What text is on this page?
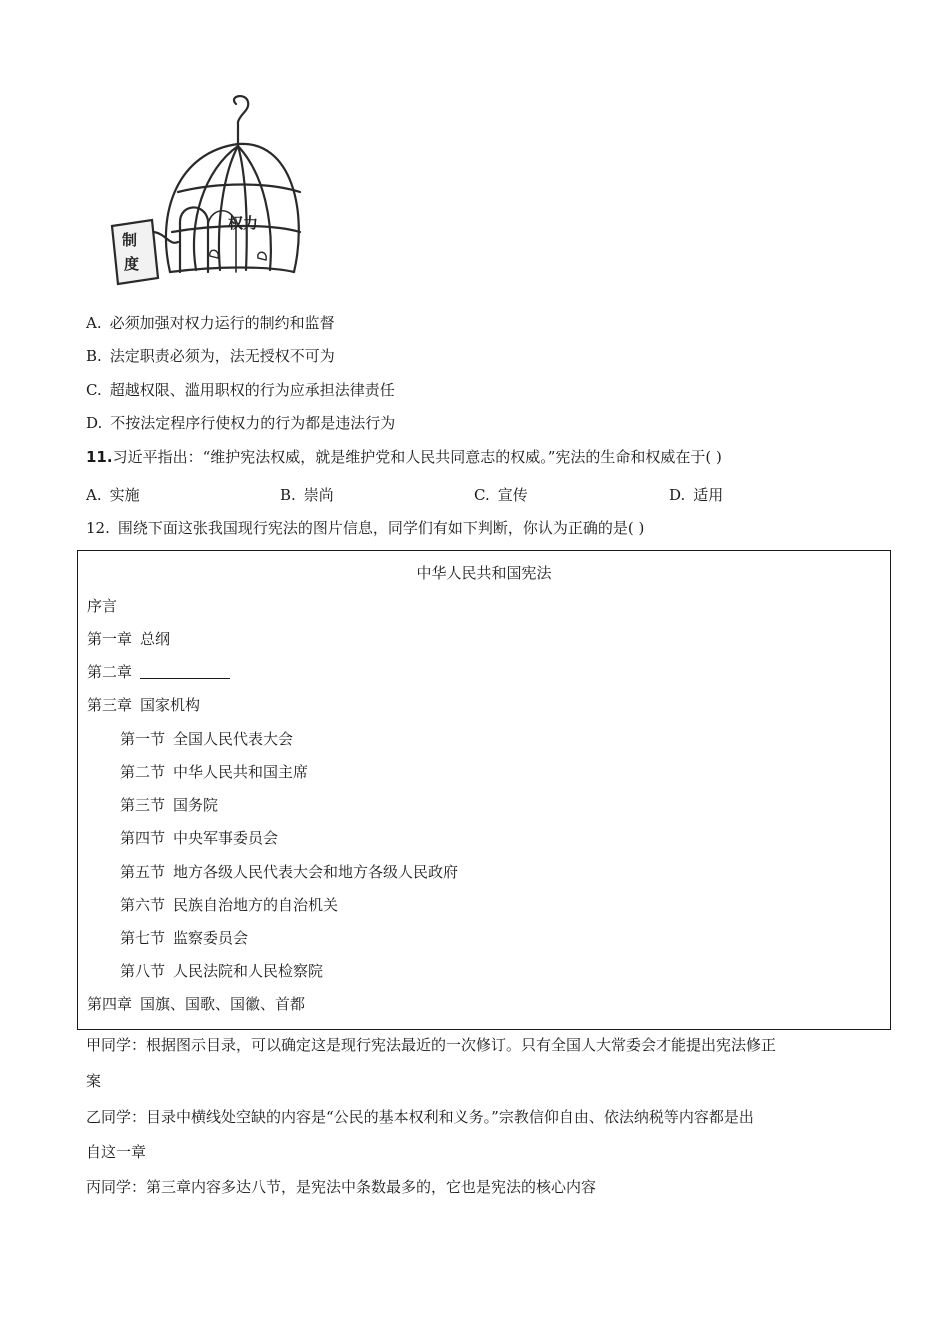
制
度
权力
A. 必须加强对权力运行的制约和监督
B. 法定职责必须为，法无授权不可为
C. 超越权限、滥用职权的行为应承担法律责任
D. 不按法定程序行使权力的行为都是违法行为
11.习近平指出：“维护宪法权威，就是维护党和人民共同意志的权威。”宪法的生命和权威在于( )
A. 实施	B. 崇尚	C. 宣传	D. 适用
12. 围绕下面这张我国现行宪法的图片信息，同学们有如下判断，你认为正确的是( )
中华人民共和国宪法
序言
第一章 总纲
第二章
第三章 国家机构
第一节 全国人民代表大会
第二节 中华人民共和国主席
第三节 国务院
第四节 中央军事委员会
第五节 地方各级人民代表大会和地方各级人民政府
第六节 民族自治地方的自治机关
第七节 监察委员会
第八节 人民法院和人民检察院
第四章 国旗、国歌、国徽、首都
甲同学：根据图示目录，可以确定这是现行宪法最近的一次修订。只有全国人大常委会才能提出宪法修正
案
乙同学：目录中横线处空缺的内容是“公民的基本权利和义务。”宗教信仰自由、依法纳税等内容都是出
自这一章
丙同学：第三章内容多达八节，是宪法中条数最多的，它也是宪法的核心内容
